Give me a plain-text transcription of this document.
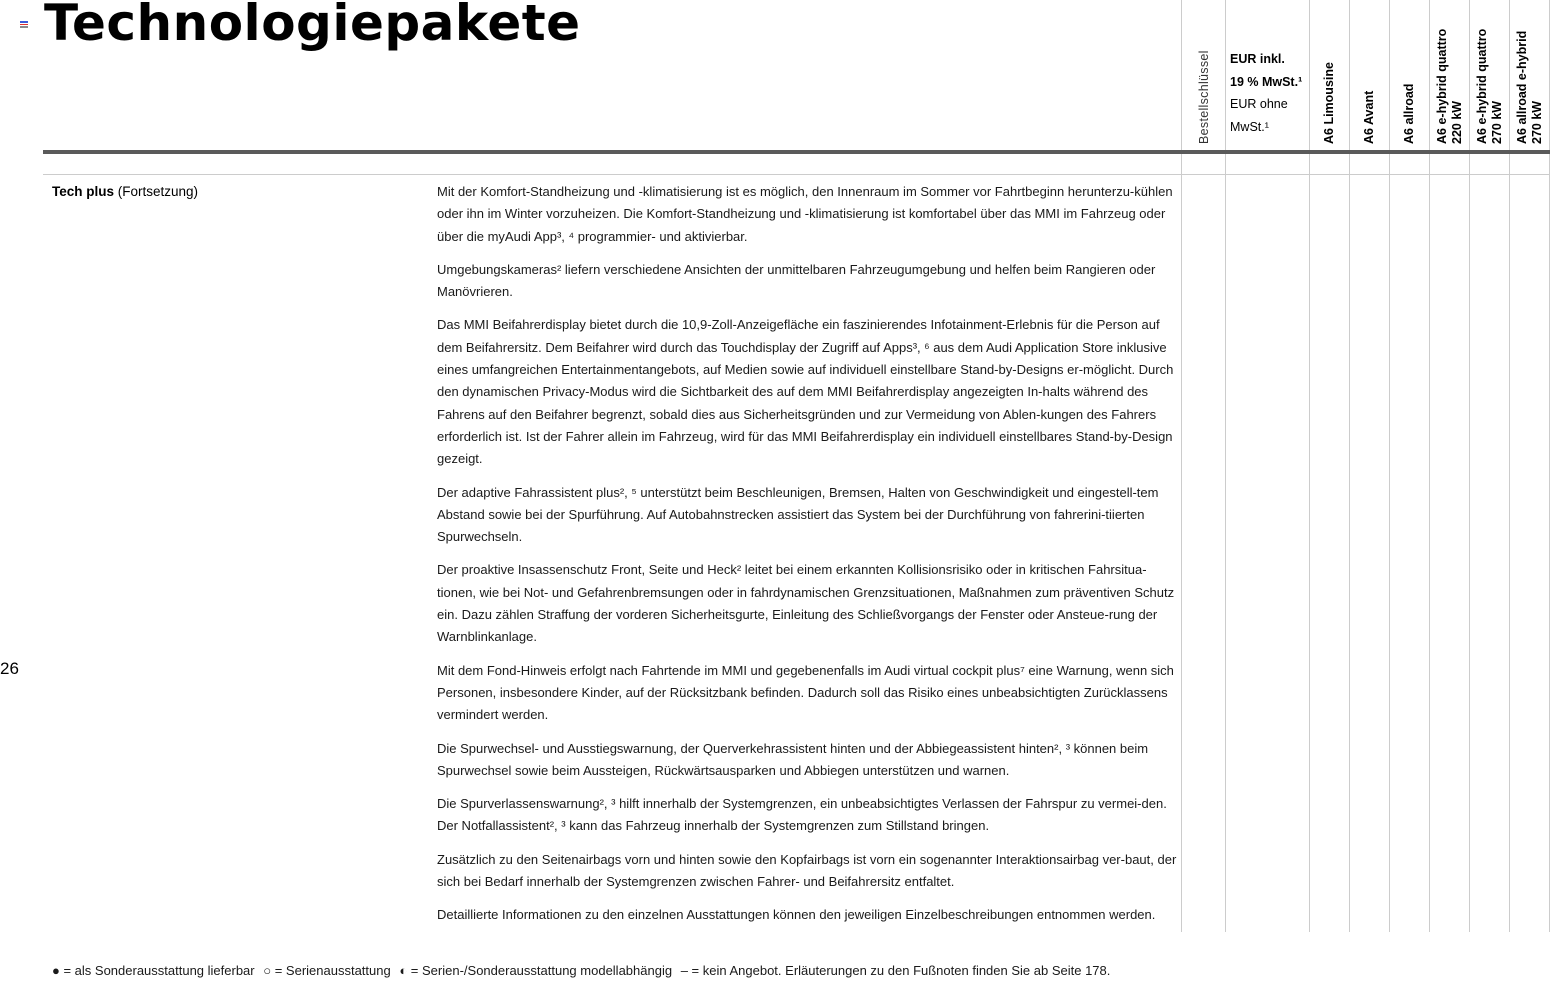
Technologiepakete
26
Bestellschlüssel EUR inkl.
19 % MwSt.¹
EUR ohne
MwSt.¹	A6 Limousine A6 Avant A6 allroad A6 e-hybrid quattro 220 kW A6 e-hybrid quattro 270 kW A6 allroad e-hybrid 270 kW
Tech plus (Fortsetzung)	Mit der Komfort-Standheizung und -klimatisierung ist es möglich, den Innenraum im Sommer vor Fahrtbeginn herunterzu-kühlen oder ihn im Winter vorzuheizen. Die Komfort-Standheizung und -klimatisierung ist komfortabel über das MMI im Fahrzeug oder über die myAudi App³, ⁴ programmier- und aktivierbar.

Umgebungskameras² liefern verschiedene Ansichten der unmittelbaren Fahrzeugumgebung und helfen beim Rangieren oder Manövrieren.

Das MMI Beifahrerdisplay bietet durch die 10,9-Zoll-Anzeigefläche ein faszinierendes Infotainment-Erlebnis für die Person auf dem Beifahrersitz. Dem Beifahrer wird durch das Touchdisplay der Zugriff auf Apps³, ⁶ aus dem Audi Application Store inklusive eines umfangreichen Entertainmentangebots, auf Medien sowie auf individuell einstellbare Stand-by-Designs er-möglicht. Durch den dynamischen Privacy-Modus wird die Sichtbarkeit des auf dem MMI Beifahrerdisplay angezeigten In-halts während des Fahrens auf den Beifahrer begrenzt, sobald dies aus Sicherheitsgründen und zur Vermeidung von Ablen-kungen des Fahrers erforderlich ist. Ist der Fahrer allein im Fahrzeug, wird für das MMI Beifahrerdisplay ein individuell einstellbares Stand-by-Design gezeigt.

Der adaptive Fahrassistent plus², ⁵ unterstützt beim Beschleunigen, Bremsen, Halten von Geschwindigkeit und eingestell-tem Abstand sowie bei der Spurführung. Auf Autobahnstrecken assistiert das System bei der Durchführung von fahrerini-tiierten Spurwechseln.

Der proaktive Insassenschutz Front, Seite und Heck² leitet bei einem erkannten Kollisionsrisiko oder in kritischen Fahrsitua-tionen, wie bei Not- und Gefahrenbremsungen oder in fahrdynamischen Grenzsituationen, Maßnahmen zum präventiven Schutz ein. Dazu zählen Straffung der vorderen Sicherheitsgurte, Einleitung des Schließvorgangs der Fenster oder Ansteue-rung der Warnblinkanlage.

Mit dem Fond-Hinweis erfolgt nach Fahrtende im MMI und gegebenenfalls im Audi virtual cockpit plus⁷ eine Warnung, wenn sich Personen, insbesondere Kinder, auf der Rücksitzbank befinden. Dadurch soll das Risiko eines unbeabsichtigten Zurücklassens vermindert werden.

Die Spurwechsel- und Ausstiegswarnung, der Querverkehrassistent hinten und der Abbiegeassistent hinten², ³ können beim Spurwechsel sowie beim Aussteigen, Rückwärtsausparken und Abbiegen unterstützen und warnen.

Die Spurverlassenswarnung², ³ hilft innerhalb der Systemgrenzen, ein unbeabsichtigtes Verlassen der Fahrspur zu vermei-den. Der Notfallassistent², ³ kann das Fahrzeug innerhalb der Systemgrenzen zum Stillstand bringen.

Zusätzlich zu den Seitenairbags vorn und hinten sowie den Kopfairbags ist vorn ein sogenannter Interaktionsairbag ver-baut, der sich bei Bedarf innerhalb der Systemgrenzen zwischen Fahrer- und Beifahrersitz entfaltet.

Detaillierte Informationen zu den einzelnen Ausstattungen können den jeweiligen Einzelbeschreibungen entnommen werden.

● = als Sonderausstattung lieferbar ○ = Serienausstattung ◐ = Serien-/Sonderausstattung modellabhängig – = kein Angebot. Erläuterungen zu den Fußnoten finden Sie ab Seite 178.
